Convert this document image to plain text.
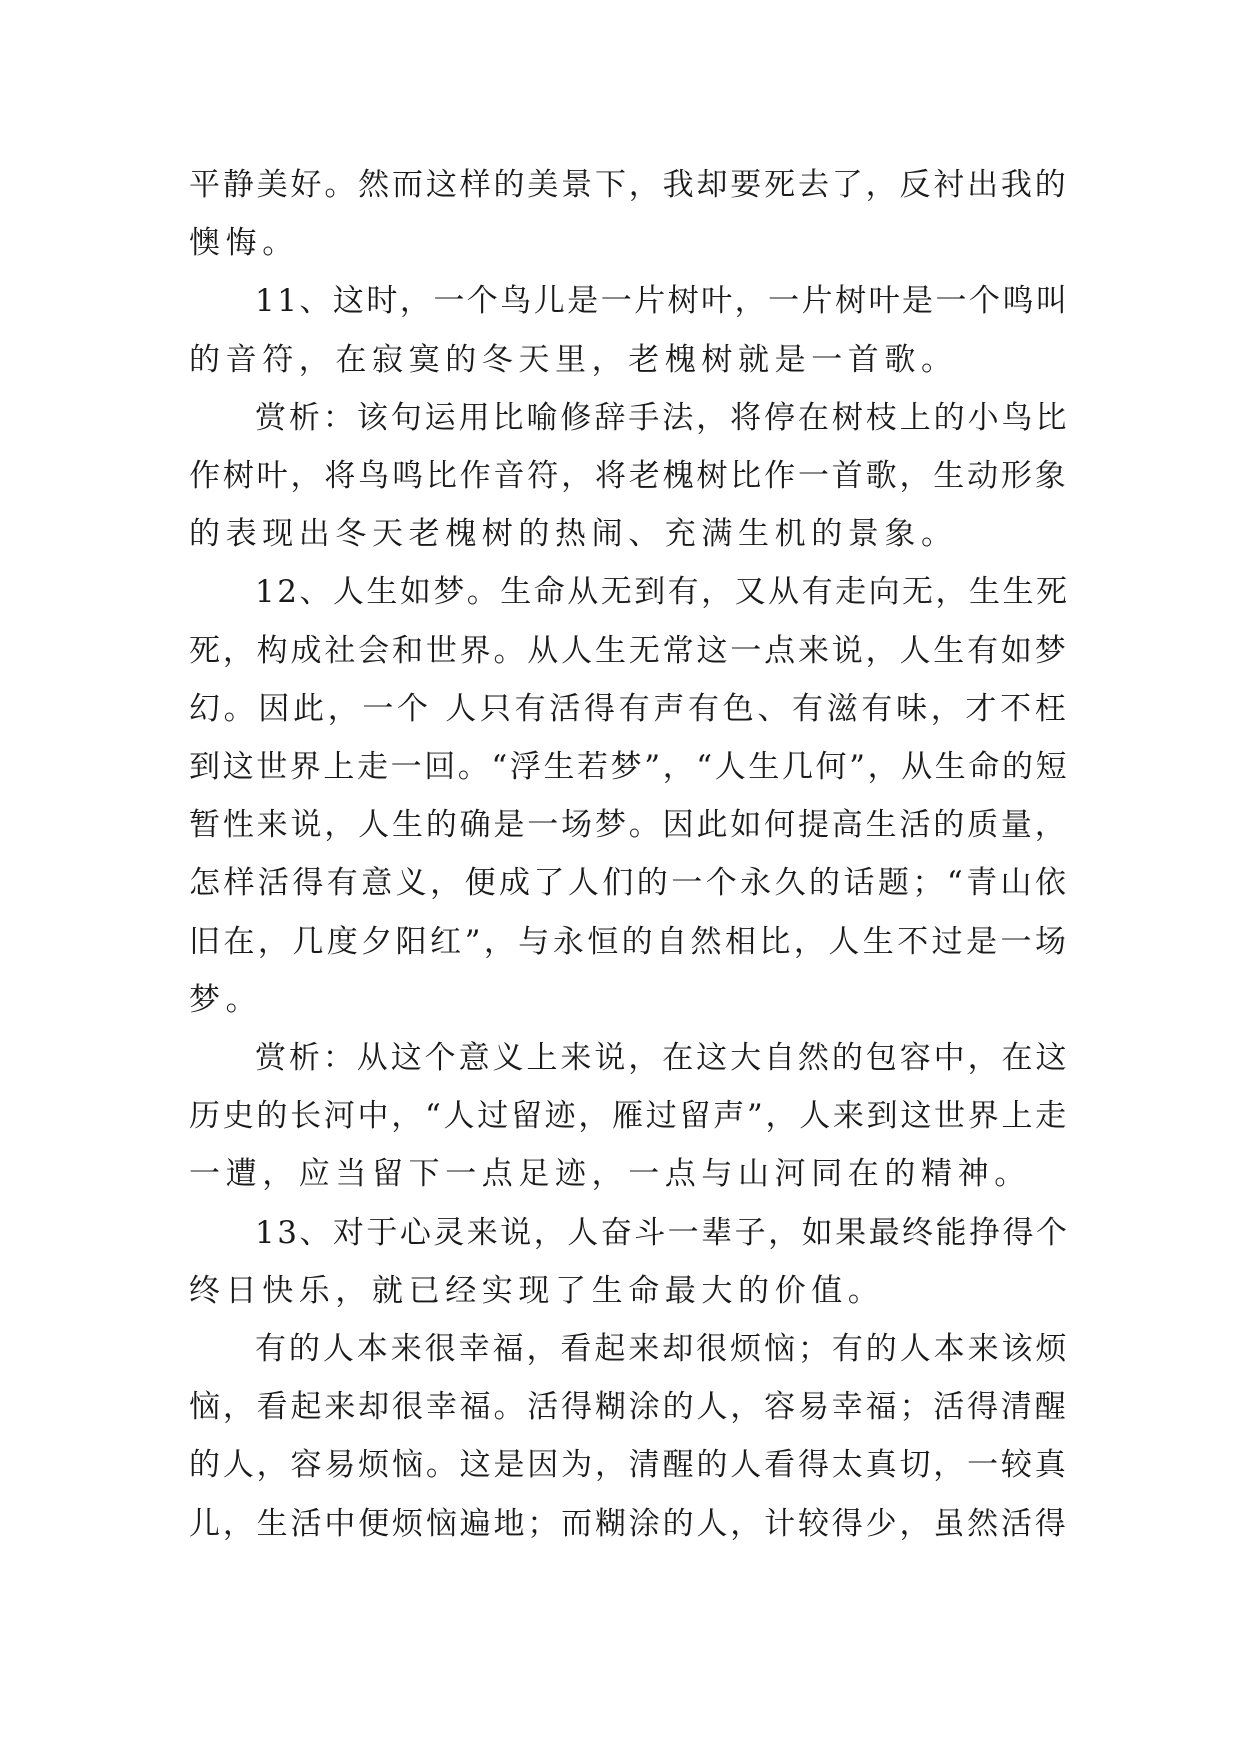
平静美好。然而这样的美景下，我却要死去了，反衬出我的
懊悔。
11、这时，一个鸟儿是一片树叶，一片树叶是一个鸣叫
的音符，在寂寞的冬天里，老槐树就是一首歌。
赏析：该句运用比喻修辞手法，将停在树枝上的小鸟比
作树叶，将鸟鸣比作音符，将老槐树比作一首歌，生动形象
的表现出冬天老槐树的热闹、充满生机的景象。
12、人生如梦。生命从无到有，又从有走向无，生生死
死，构成社会和世界。从人生无常这一点来说，人生有如梦
幻。因此，一个 人只有活得有声有色、有滋有味，才不枉
到这世界上走一回。“浮生若梦”，“人生几何”，从生命的短
暂性来说，人生的确是一场梦。因此如何提高生活的质量，
怎样活得有意义，便成了人们的一个永久的话题；“青山依
旧在，几度夕阳红”，与永恒的自然相比，人生不过是一场
梦。
赏析：从这个意义上来说，在这大自然的包容中，在这
历史的长河中，“人过留迹，雁过留声”，人来到这世界上走
一遭，应当留下一点足迹，一点与山河同在的精神。
13、对于心灵来说，人奋斗一辈子，如果最终能挣得个
终日快乐，就已经实现了生命最大的价值。
有的人本来很幸福，看起来却很烦恼；有的人本来该烦
恼，看起来却很幸福。活得糊涂的人，容易幸福；活得清醒
的人，容易烦恼。这是因为，清醒的人看得太真切，一较真
儿，生活中便烦恼遍地；而糊涂的人，计较得少，虽然活得
